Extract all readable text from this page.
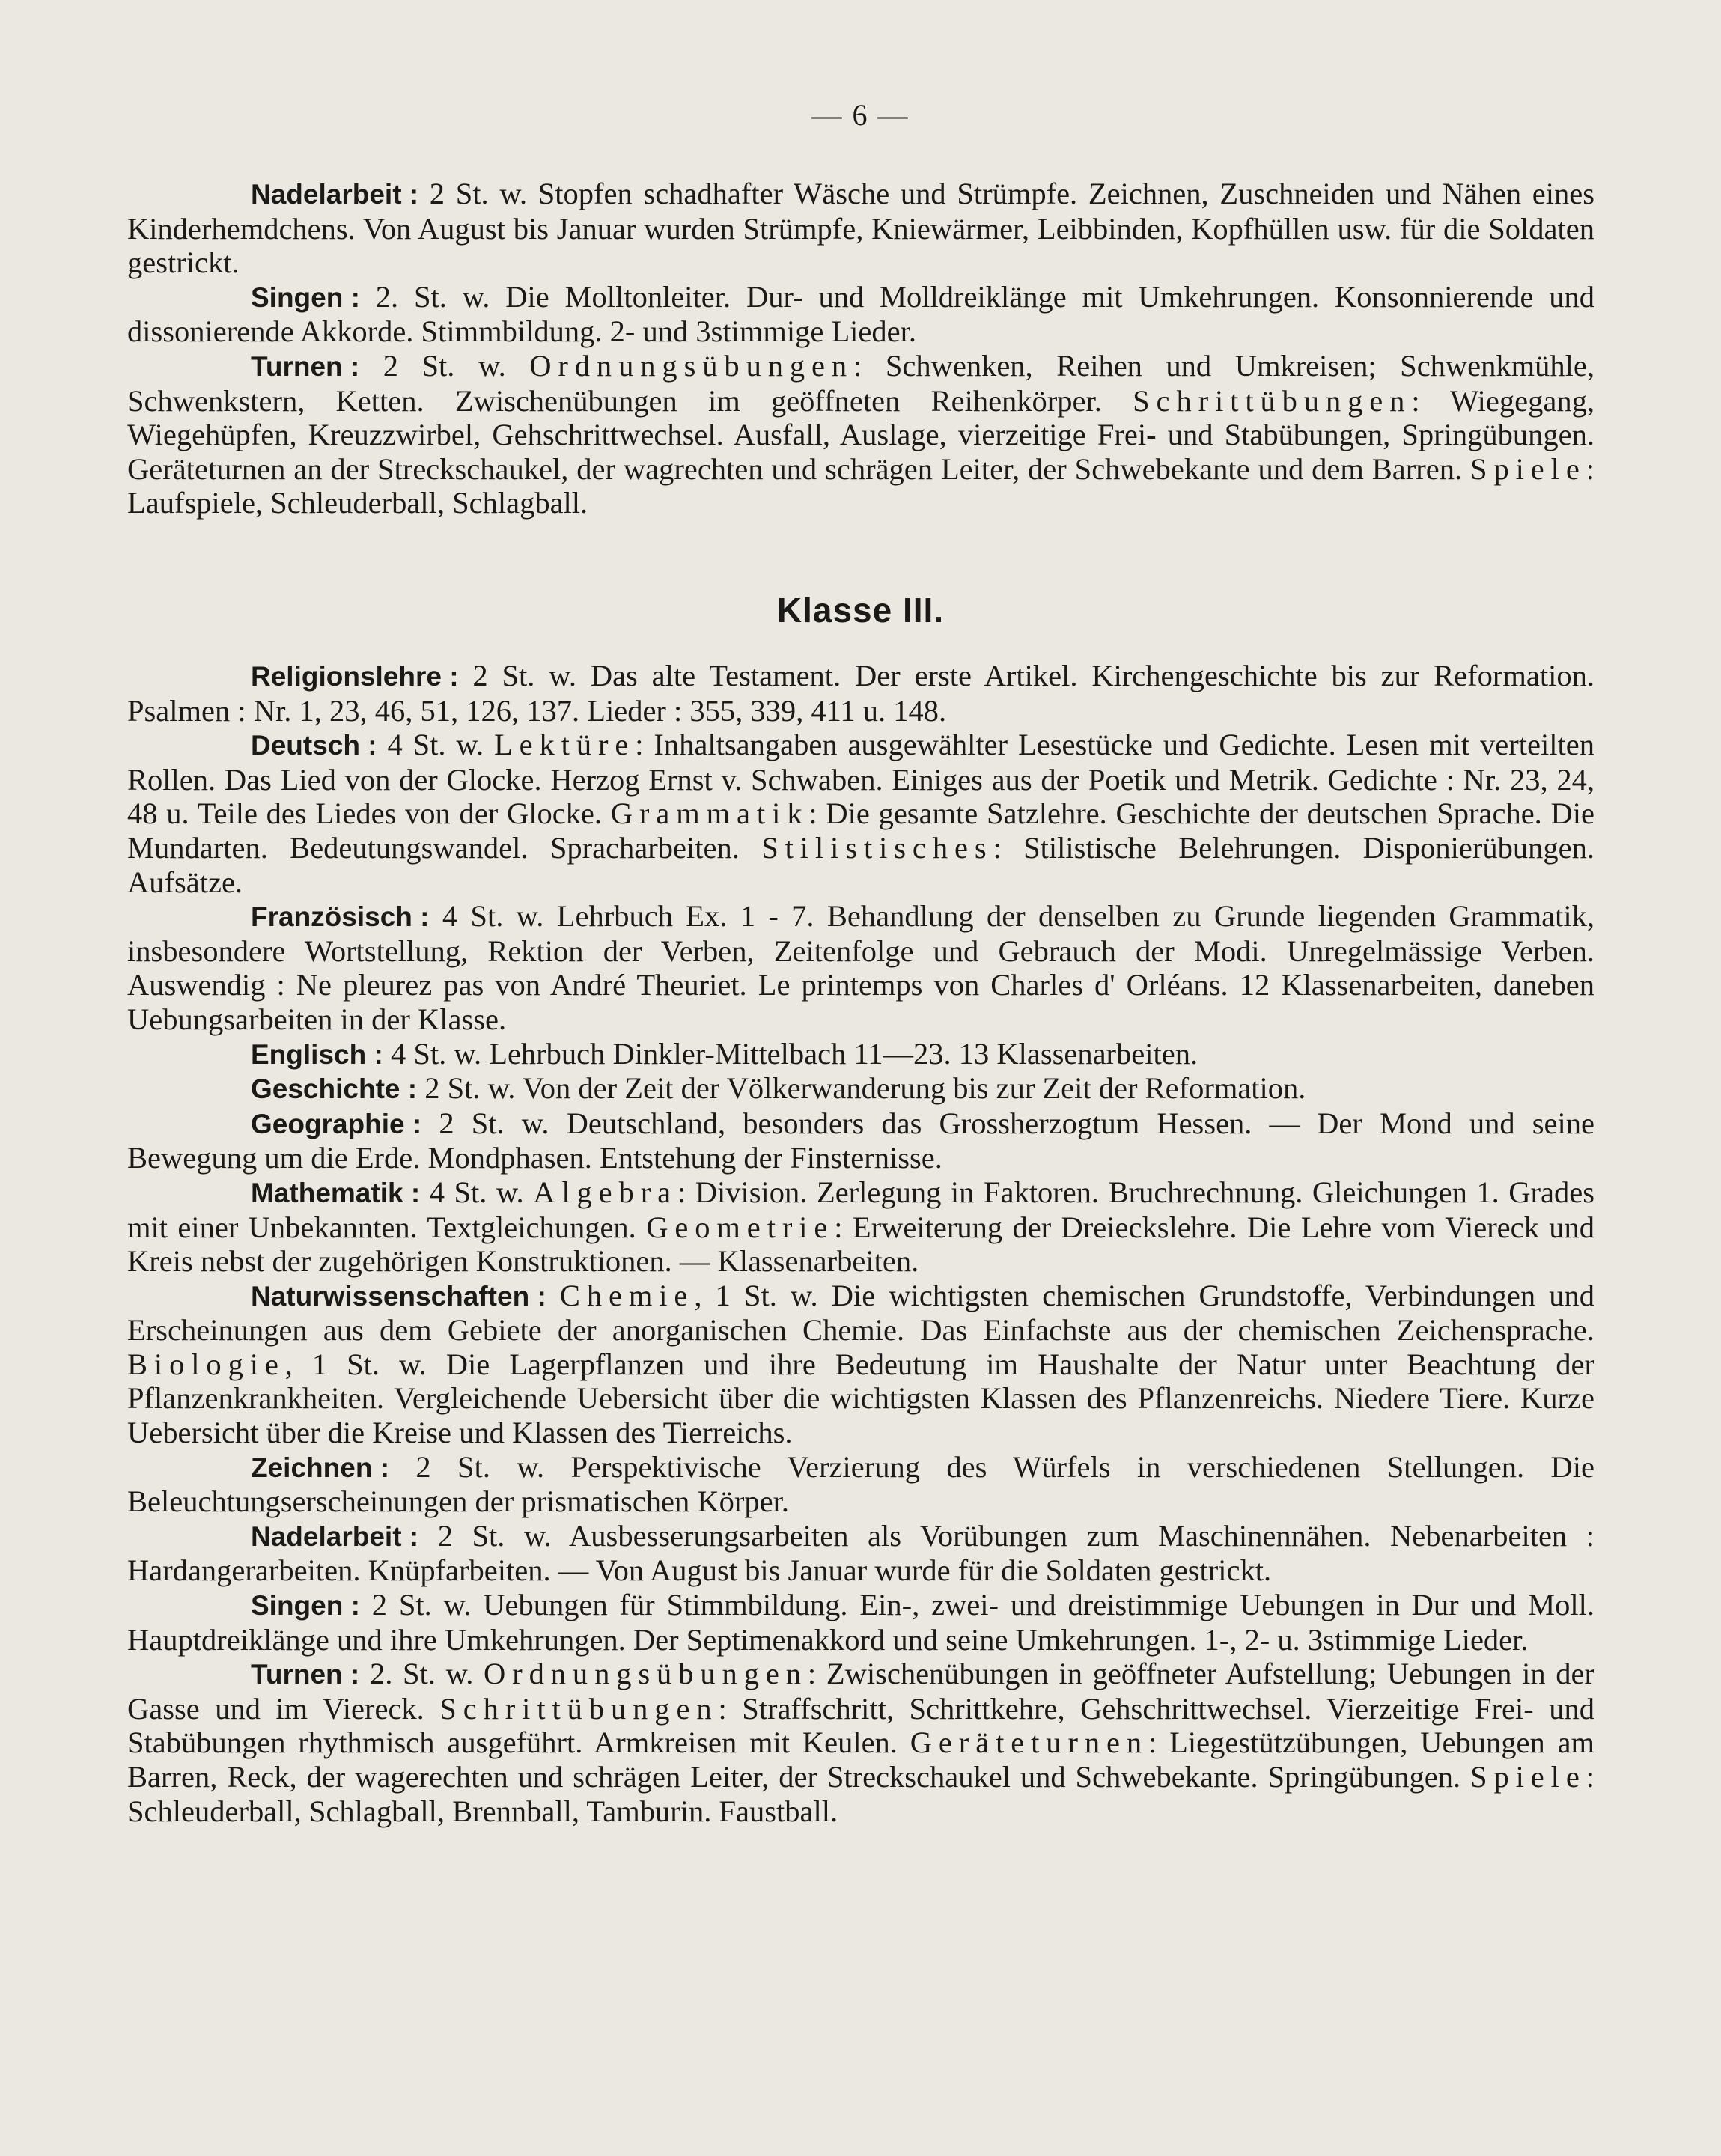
— 6 —

Nadelarbeit : 2 St. w. Stopfen schadhafter Wäsche und Strümpfe. Zeichnen, Zuschneiden und Nähen eines Kinderhemdchens. Von August bis Januar wurden Strümpfe, Kniewärmer, Leibbinden, Kopfhüllen usw. für die Soldaten gestrickt.

Singen : 2. St. w. Die Molltonleiter. Dur- und Molldreiklänge mit Umkehrungen. Konsonnierende und dissonierende Akkorde. Stimmbildung. 2- und 3stimmige Lieder.

Turnen : 2 St. w. Ordnungsübungen: Schwenken, Reihen und Umkreisen; Schwenkmühle, Schwenkstern, Ketten. Zwischenübungen im geöffneten Reihenkörper. Schrittübungen: Wiegegang, Wiegehüpfen, Kreuzzwirbel, Gehschrittwechsel. Ausfall, Auslage, vierzeitige Frei- und Stabübungen, Springübungen. Geräteturnen an der Streckschaukel, der wagrechten und schrägen Leiter, der Schwebekante und dem Barren. Spiele: Laufspiele, Schleuderball, Schlagball.

Klasse III.

Religionslehre : 2 St. w. Das alte Testament. Der erste Artikel. Kirchengeschichte bis zur Reformation. Psalmen : Nr. 1, 23, 46, 51, 126, 137. Lieder : 355, 339, 411 u. 148.

Deutsch : 4 St. w. Lektüre: Inhaltsangaben ausgewählter Lesestücke und Gedichte. Lesen mit verteilten Rollen. Das Lied von der Glocke. Herzog Ernst v. Schwaben. Einiges aus der Poetik und Metrik. Gedichte : Nr. 23, 24, 48 u. Teile des Liedes von der Glocke. Grammatik: Die gesamte Satzlehre. Geschichte der deutschen Sprache. Die Mundarten. Bedeutungswandel. Spracharbeiten. Stilistisches: Stilistische Belehrungen. Disponierübungen. Aufsätze.

Französisch : 4 St. w. Lehrbuch Ex. 1 - 7. Behandlung der denselben zu Grunde liegenden Grammatik, insbesondere Wortstellung, Rektion der Verben, Zeitenfolge und Gebrauch der Modi. Unregelmässige Verben. Auswendig : Ne pleurez pas von André Theuriet. Le printemps von Charles d' Orléans. 12 Klassenarbeiten, daneben Uebungsarbeiten in der Klasse.

Englisch : 4 St. w. Lehrbuch Dinkler-Mittelbach 11—23. 13 Klassenarbeiten.

Geschichte : 2 St. w. Von der Zeit der Völkerwanderung bis zur Zeit der Reformation.

Geographie : 2 St. w. Deutschland, besonders das Grossherzogtum Hessen. — Der Mond und seine Bewegung um die Erde. Mondphasen. Entstehung der Finsternisse.

Mathematik : 4 St. w. Algebra: Division. Zerlegung in Faktoren. Bruchrechnung. Gleichungen 1. Grades mit einer Unbekannten. Textgleichungen. Geometrie: Erweiterung der Dreieckslehre. Die Lehre vom Viereck und Kreis nebst der zugehörigen Konstruktionen. — Klassenarbeiten.

Naturwissenschaften : Chemie, 1 St. w. Die wichtigsten chemischen Grundstoffe, Verbindungen und Erscheinungen aus dem Gebiete der anorganischen Chemie. Das Einfachste aus der chemischen Zeichensprache. Biologie, 1 St. w. Die Lagerpflanzen und ihre Bedeutung im Haushalte der Natur unter Beachtung der Pflanzenkrankheiten. Vergleichende Uebersicht über die wichtigsten Klassen des Pflanzenreichs. Niedere Tiere. Kurze Uebersicht über die Kreise und Klassen des Tierreichs.

Zeichnen : 2 St. w. Perspektivische Verzierung des Würfels in verschiedenen Stellungen. Die Beleuchtungserscheinungen der prismatischen Körper.

Nadelarbeit : 2 St. w. Ausbesserungsarbeiten als Vorübungen zum Maschinennähen. Nebenarbeiten : Hardangerarbeiten. Knüpfarbeiten. — Von August bis Januar wurde für die Soldaten gestrickt.

Singen : 2 St. w. Uebungen für Stimmbildung. Ein-, zwei- und dreistimmige Uebungen in Dur und Moll. Hauptdreiklänge und ihre Umkehrungen. Der Septimenakkord und seine Umkehrungen. 1-, 2- u. 3stimmige Lieder.

Turnen : 2. St. w. Ordnungsübungen: Zwischenübungen in geöffneter Aufstellung; Uebungen in der Gasse und im Viereck. Schrittübungen: Straffschritt, Schrittkehre, Gehschrittwechsel. Vierzeitige Frei- und Stabübungen rhythmisch ausgeführt. Armkreisen mit Keulen. Geräteturnen: Liegestützübungen, Uebungen am Barren, Reck, der wagerechten und schrägen Leiter, der Streckschaukel und Schwebekante. Springübungen. Spiele: Schleuderball, Schlagball, Brennball, Tamburin. Faustball.
